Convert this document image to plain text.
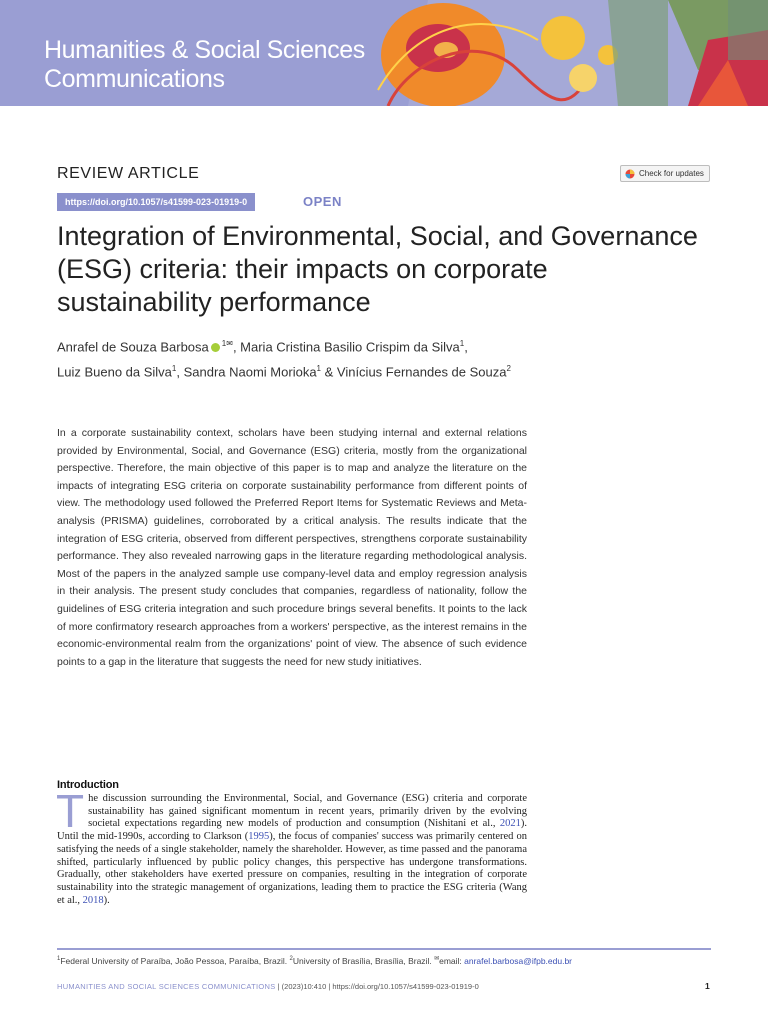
Humanities & Social Sciences
Communications
REVIEW ARTICLE	Check for updates
https://doi.org/10.1057/s41599-023-01919-0	OPEN
Integration of Environmental, Social, and Governance (ESG) criteria: their impacts on corporate sustainability performance
Anrafel de Souza Barbosa $^{1✉}$, Maria Cristina Basilio Crispim da Silva$^1$,
Luiz Bueno da Silva$^1$, Sandra Naomi Morioka$^1$ & Vinícius Fernandes de Souza$^2$

In a corporate sustainability context, scholars have been studying internal and external relations provided by Environmental, Social, and Governance (ESG) criteria, mostly from the organizational perspective. Therefore, the main objective of this paper is to map and analyze the literature on the impacts of integrating ESG criteria on corporate sustainability performance from different points of view. The methodology used followed the Preferred Report Items for Systematic Reviews and Meta-analysis (PRISMA) guidelines, corroborated by a critical analysis. The results indicate that the integration of ESG criteria, observed from different perspectives, strengthens corporate sustainability performance. They also revealed narrowing gaps in the literature regarding methodological analysis. Most of the papers in the analyzed sample use company-level data and employ regression analysis in their analysis. The present study concludes that companies, regardless of nationality, follow the guidelines of ESG criteria integration and such procedure brings several benefits. It points to the lack of more confirmatory research approaches from a workers' perspective, as the interest remains in the economic-environmental realm from the organizations' point of view. The absence of such evidence points to a gap in the literature that suggests the need for new study initiatives.

Introduction
The discussion surrounding the Environmental, Social, and Governance (ESG) criteria and corporate sustainability has gained significant momentum in recent years, primarily driven by the evolving societal expectations regarding new models of production and consumption (Nishitani et al., 2021). Until the mid-1990s, according to Clarkson (1995), the focus of companies' success was primarily centered on satisfying the needs of a single stakeholder, namely the shareholder. However, as time passed and the panorama shifted, particularly influenced by public policy changes, this perspective has undergone transformations. Gradually, other stakeholders have exerted pressure on companies, resulting in the integration of corporate sustainability into the strategic management of organizations, leading them to practice the ESG criteria (Wang et al., 2018).
$^1$Federal University of Paraíba, João Pessoa, Paraíba, Brazil. $^2$University of Brasília, Brasília, Brazil. ✉email: anrafel.barbosa@ifpb.edu.br
HUMANITIES AND SOCIAL SCIENCES COMMUNICATIONS | (2023)10:410 | https://doi.org/10.1057/s41599-023-01919-0	1
